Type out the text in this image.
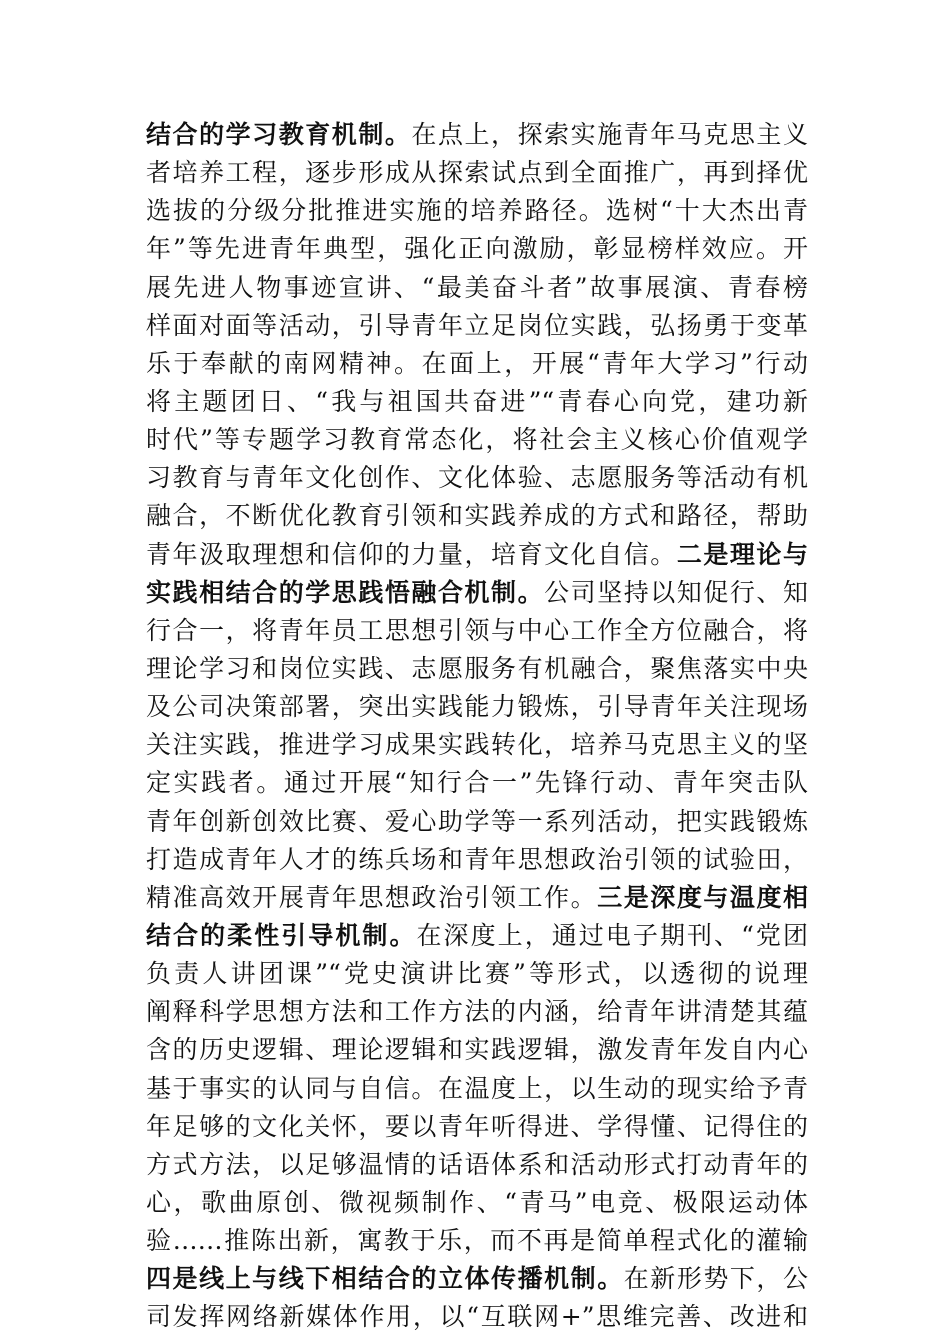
结合的学习教育机制。在点上，探索实施青年马克思主义
者培养工程，逐步形成从探索试点到全面推广，再到择优
选拔的分级分批推进实施的培养路径。选树“十大杰出青
年”等先进青年典型，强化正向激励，彰显榜样效应。开
展先进人物事迹宣讲、“最美奋斗者”故事展演、青春榜
样面对面等活动，引导青年立足岗位实践，弘扬勇于变革
乐于奉献的南网精神。在面上，开展“青年大学习”行动
将主题团日、“我与祖国共奋进”“青春心向党，建功新
时代”等专题学习教育常态化，将社会主义核心价值观学
习教育与青年文化创作、文化体验、志愿服务等活动有机
融合，不断优化教育引领和实践养成的方式和路径，帮助
青年汲取理想和信仰的力量，培育文化自信。二是理论与
实践相结合的学思践悟融合机制。公司坚持以知促行、知
行合一，将青年员工思想引领与中心工作全方位融合，将
理论学习和岗位实践、志愿服务有机融合，聚焦落实中央
及公司决策部署，突出实践能力锻炼，引导青年关注现场
关注实践，推进学习成果实践转化，培养马克思主义的坚
定实践者。通过开展“知行合一”先锋行动、青年突击队
青年创新创效比赛、爱心助学等一系列活动，把实践锻炼
打造成青年人才的练兵场和青年思想政治引领的试验田，
精准高效开展青年思想政治引领工作。三是深度与温度相
结合的柔性引导机制。在深度上，通过电子期刊、“党团
负责人讲团课”“党史演讲比赛”等形式，以透彻的说理
阐释科学思想方法和工作方法的内涵，给青年讲清楚其蕴
含的历史逻辑、理论逻辑和实践逻辑，激发青年发自内心
基于事实的认同与自信。在温度上，以生动的现实给予青
年足够的文化关怀，要以青年听得进、学得懂、记得住的
方式方法，以足够温情的话语体系和活动形式打动青年的
心，歌曲原创、微视频制作、“青马”电竞、极限运动体
验……推陈出新，寓教于乐，而不再是简单程式化的灌输
四是线上与线下相结合的立体传播机制。在新形势下，公
司发挥网络新媒体作用，以“互联网+”思维完善、改进和
